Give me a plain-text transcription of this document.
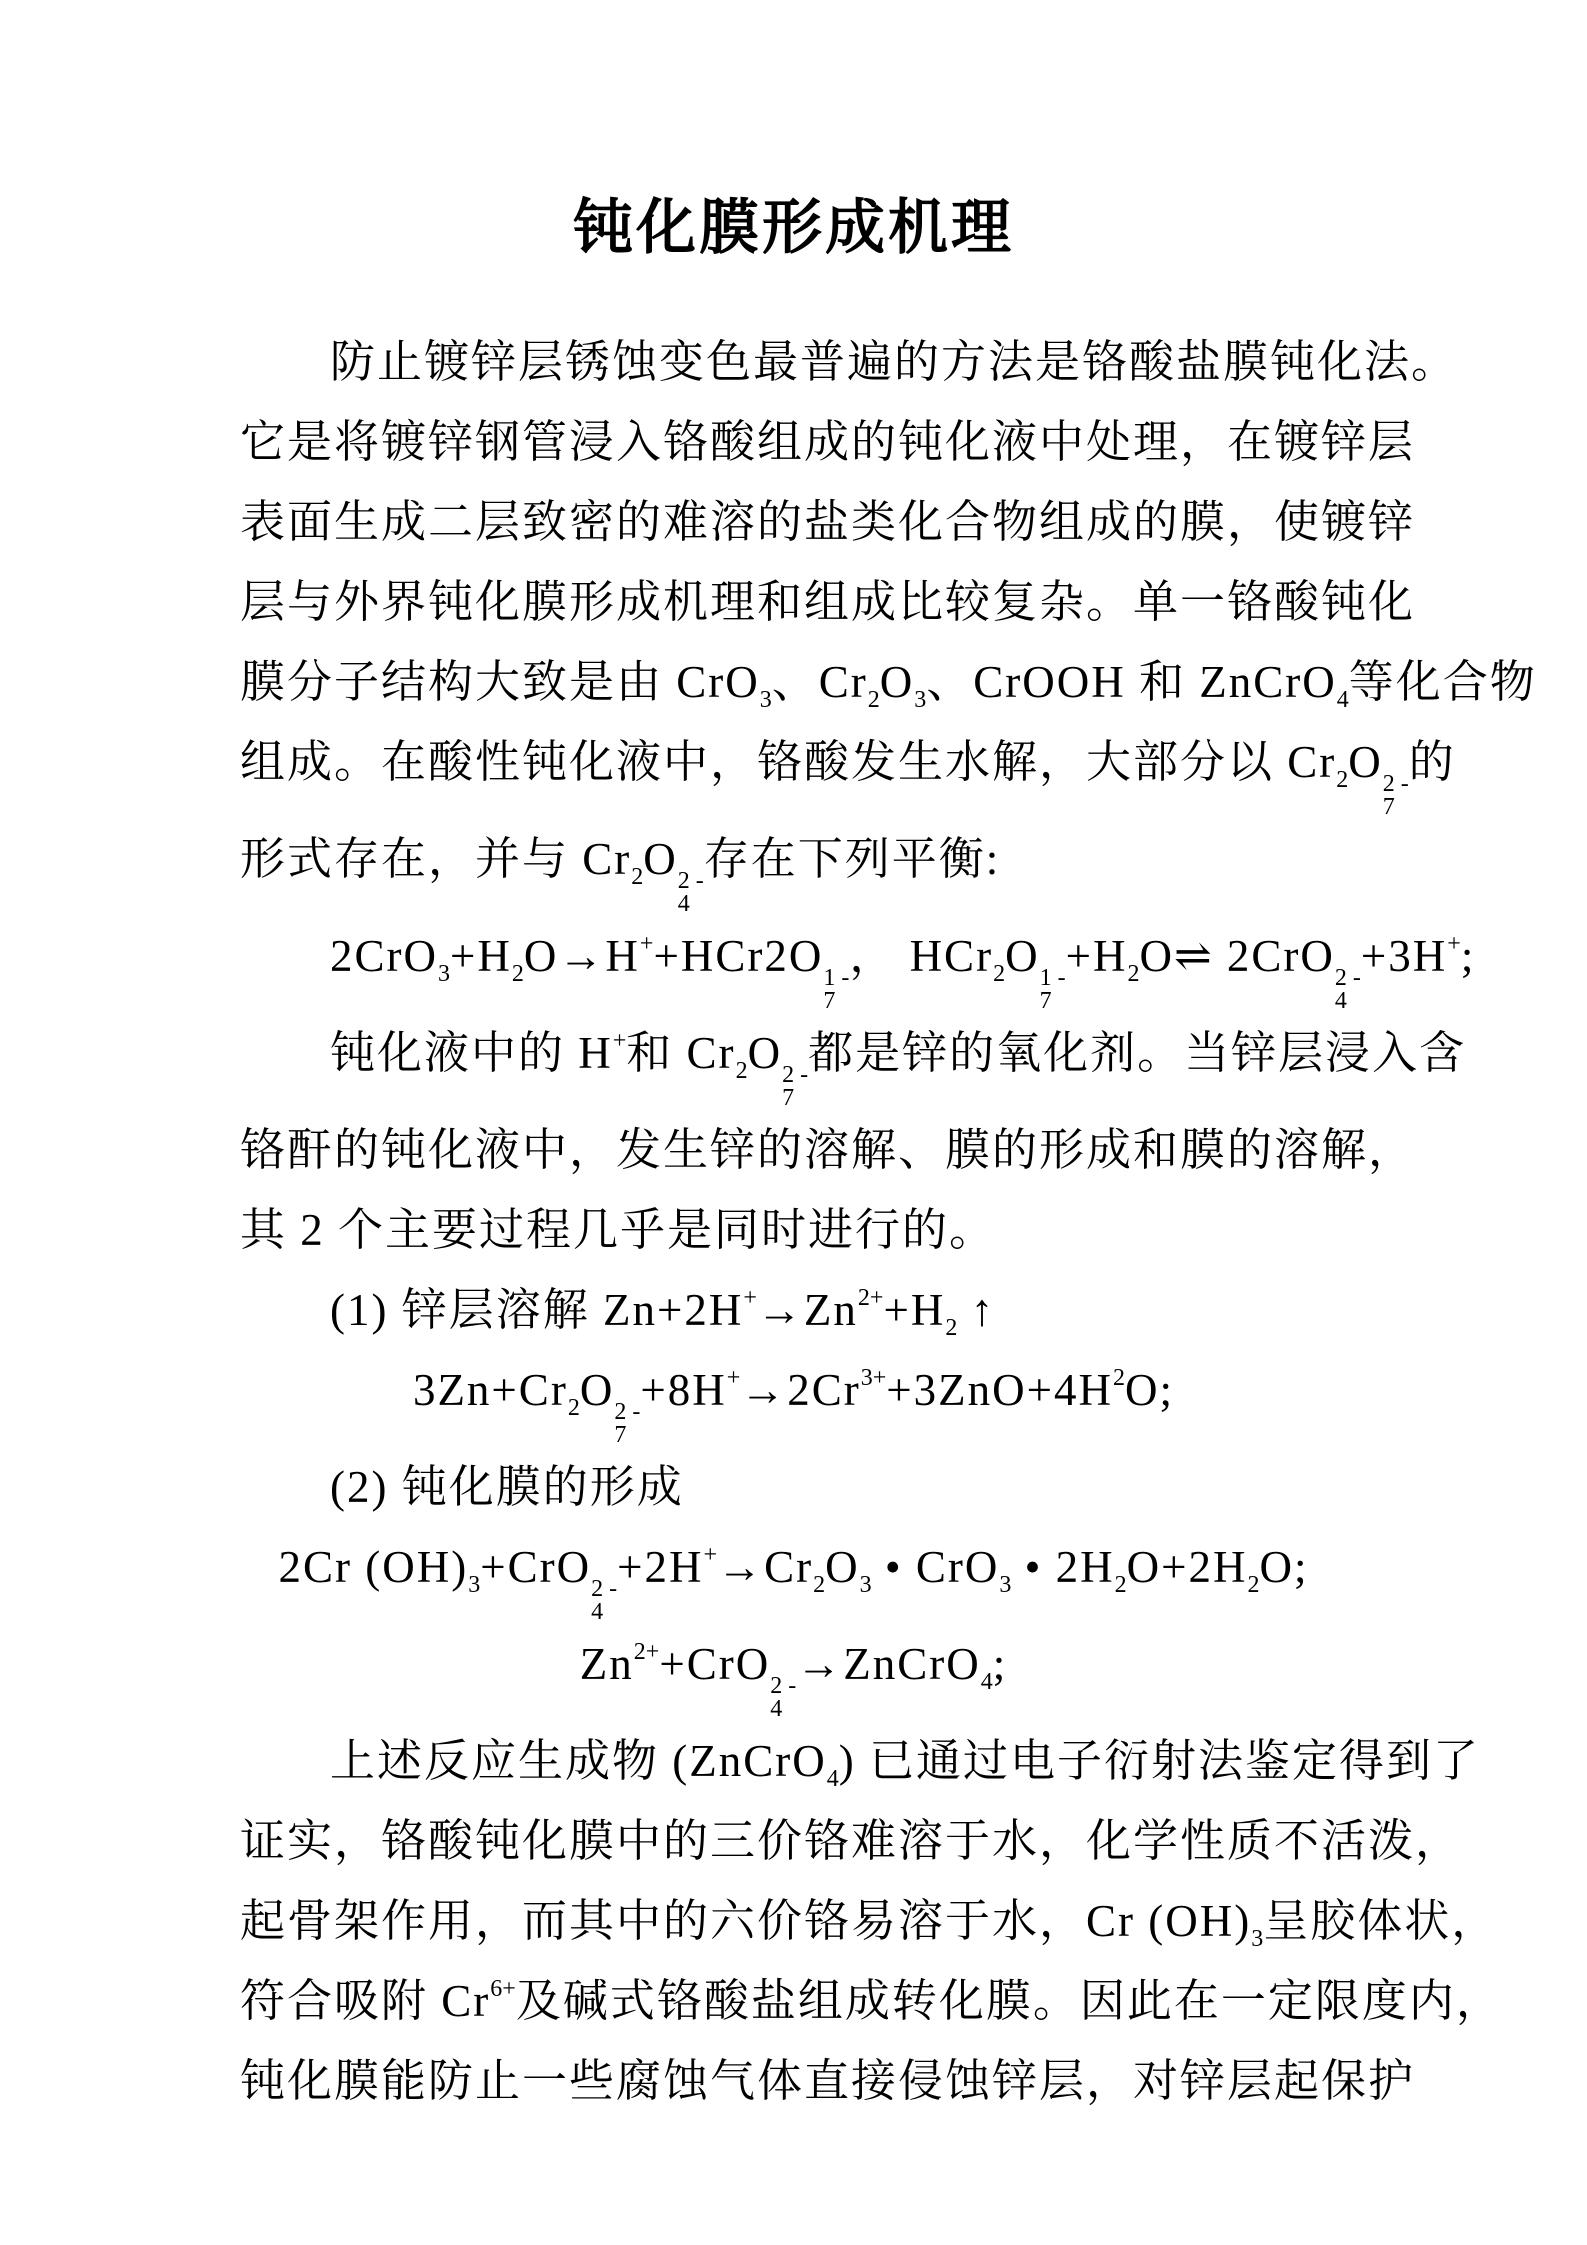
钝化膜形成机理
防止镀锌层锈蚀变色最普遍的方法是铬酸盐膜钝化法。
它是将镀锌钢管浸入铬酸组成的钝化液中处理，在镀锌层
表面生成二层致密的难溶的盐类化合物组成的膜，使镀锌
层与外界钝化膜形成机理和组成比较复杂。单一铬酸钝化
膜分子结构大致是由 CrO$_3$、$Cr_2O_3$、CrOOH 和 ZnCrO$_4$等化合物
组成。在酸性钝化液中，铬酸发生水解，大部分以 $Cr_2O$ 2 -
7
的
形式存在，并与 $Cr_2O$ 2 -
4
存在下列平衡:
$2CrO_3+H_2O\to H^++HCr2O$ 1 -
7
， HCr$_2$O 1 -
7
$+H_2O\rightleftharpoons$ 2CrO 2 -
4
+3H+;
钝化液中的 H+和 $Cr_2O$ 2 -
7
都是锌的氧化剂。当锌层浸入含
铬酐的钝化液中，发生锌的溶解、膜的形成和膜的溶解，
其 2 个主要过程几乎是同时进行的。
(1) 锌层溶解 $Zn+2H^+\to Zn^{2+}+H_2$ ↑
$3Zn+Cr_2O$ 2 -
7
$+8H^+\to 2Cr^{3+}+3ZnO+4H^2O$;
(2) 钝化膜的形成
2Cr $(OH)_3+CrO$ 2 -
4
$+2H^+\to Cr_2O_3$ • CrO$_3$ • $2H_2O+2H_2O$;
$Zn^{2+}+CrO$ 2 -
4
→ZnCrO$_4$;
上述反应生成物 (ZnCrO$_4$) 已通过电子衍射法鉴定得到了
证实，铬酸钝化膜中的三价铬难溶于水，化学性质不活泼，
起骨架作用，而其中的六价铬易溶于水，Cr $(OH)_3$呈胶体状，
符合吸附 $Cr^{6+}$及碱式铬酸盐组成转化膜。因此在一定限度内，
钝化膜能防止一些腐蚀气体直接侵蚀锌层，对锌层起保护
